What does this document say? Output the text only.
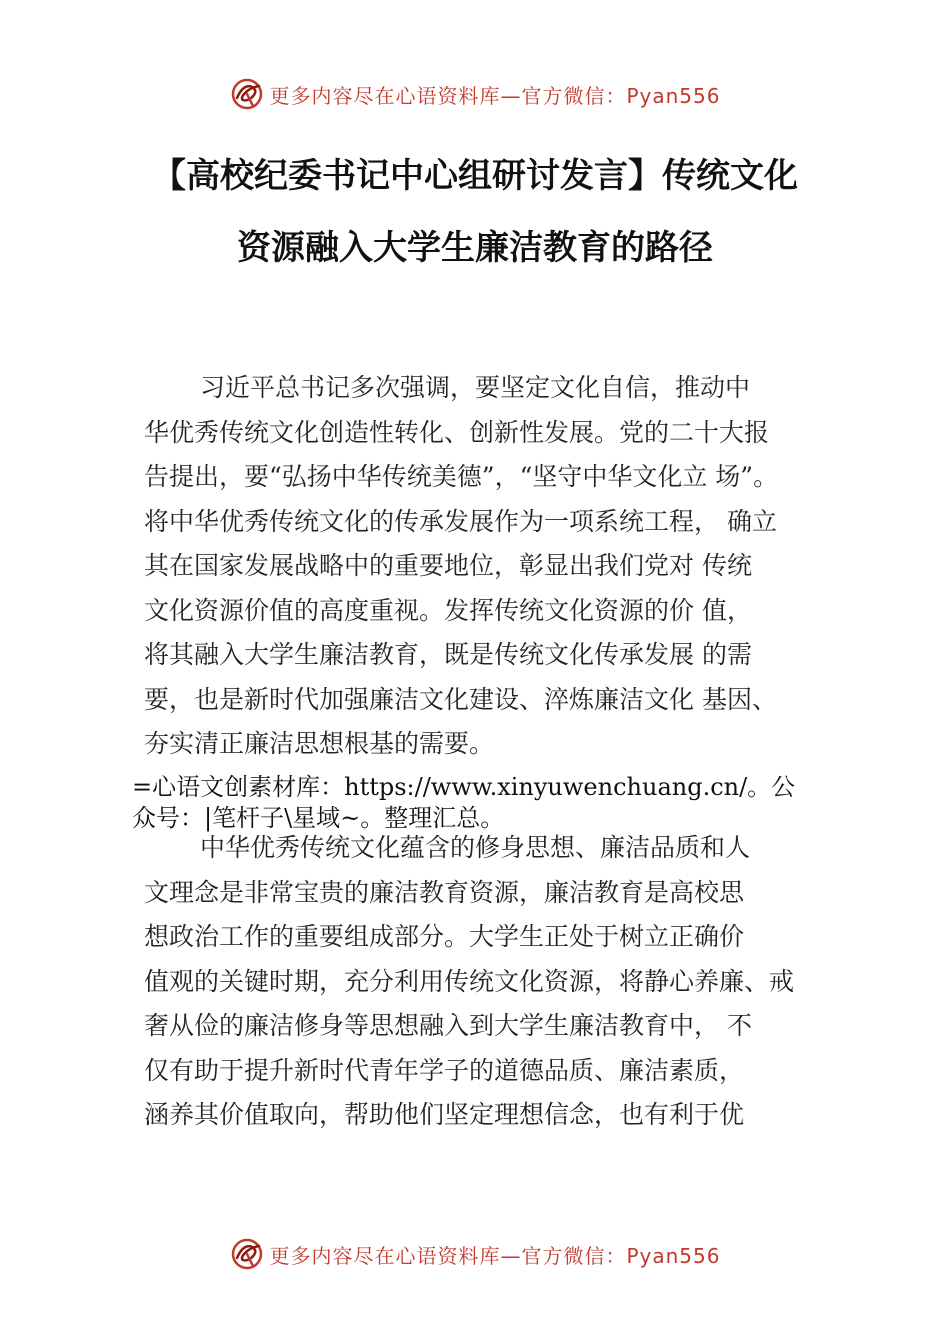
更多内容尽在心语资料库—官方微信：Pyan556
【高校纪委书记中心组研讨发言】传统文化
资源融入大学生廉洁教育的路径
习近平总书记多次强调，要坚定文化自信，推动中
华优秀传统文化创造性转化、创新性发展。党的二十大报
告提出，要“弘扬中华传统美德”，“坚守中华文化立 场”。
将中华优秀传统文化的传承发展作为一项系统工程， 确立
其在国家发展战略中的重要地位，彰显出我们党对 传统
文化资源价值的高度重视。发挥传统文化资源的价 值，
将其融入大学生廉洁教育，既是传统文化传承发展 的需
要，也是新时代加强廉洁文化建设、淬炼廉洁文化 基因、
夯实清正廉洁思想根基的需要。
=心语文创素材库：https://www.xinyuwenchuang.cn/。公
众号：|笔杆子\星域~。整理汇总。
中华优秀传统文化蕴含的修身思想、廉洁品质和人
文理念是非常宝贵的廉洁教育资源，廉洁教育是高校思
想政治工作的重要组成部分。大学生正处于树立正确价
值观的关键时期，充分利用传统文化资源，将静心养廉、戒
奢从俭的廉洁修身等思想融入到大学生廉洁教育中， 不
仅有助于提升新时代青年学子的道德品质、廉洁素质，
涵养其价值取向，帮助他们坚定理想信念，也有利于优
更多内容尽在心语资料库—官方微信：Pyan556
